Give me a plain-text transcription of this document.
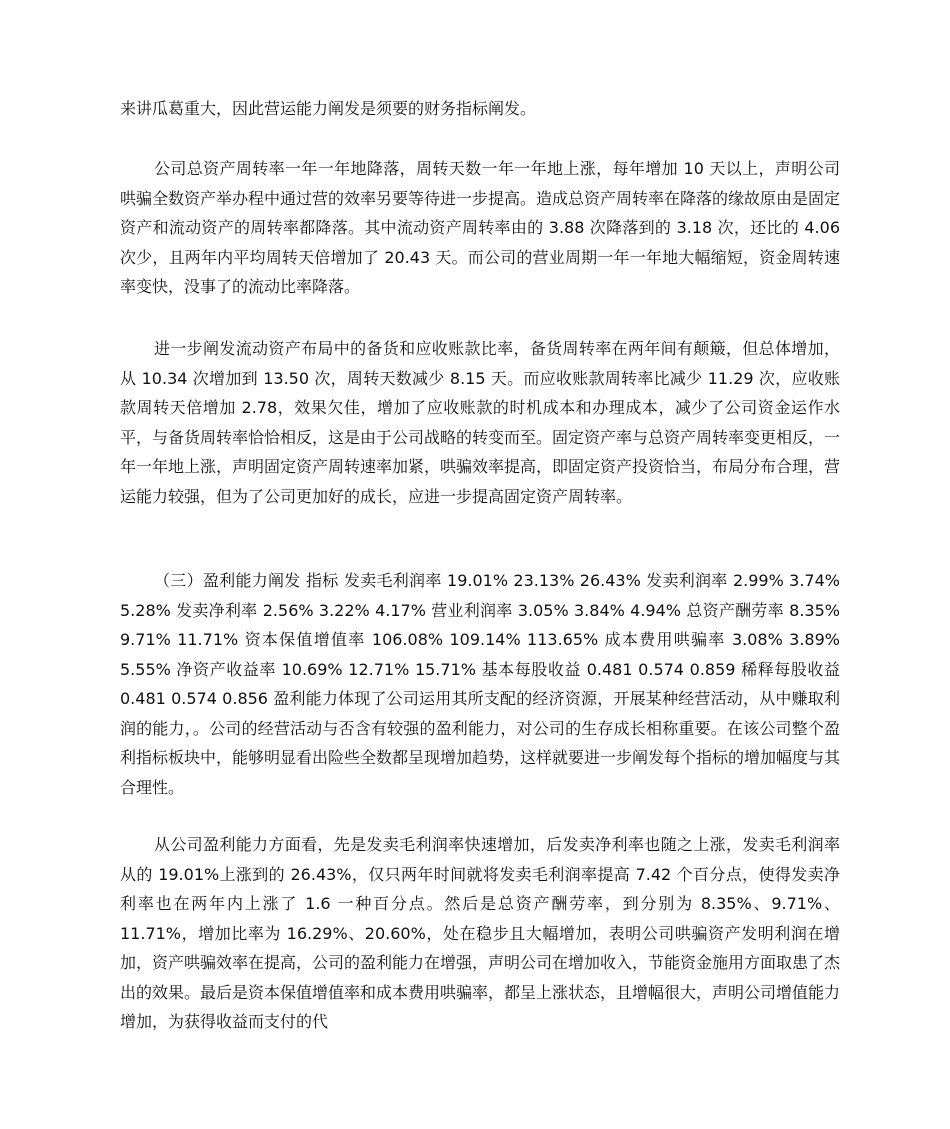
来讲瓜葛重大，因此营运能力阐发是须要的财务指标阐发。

公司总资产周转率一年一年地降落，周转天数一年一年地上涨，每年增加 10 天以上，声明公司哄骗全数资产举办程中通过营的效率另要等待进一步提高。造成总资产周转率在降落的缘故原由是固定资产和流动资产的周转率都降落。其中流动资产周转率由的 3.88 次降落到的 3.18 次，还比的 4.06 次少，且两年内平均周转天倍增加了 20.43 天。而公司的营业周期一年一年地大幅缩短，资金周转速率变快，没事了的流动比率降落。

进一步阐发流动资产布局中的备货和应收账款比率，备货周转率在两年间有颠簸，但总体增加，从 10.34 次增加到 13.50 次，周转天数减少 8.15 天。而应收账款周转率比减少 11.29 次，应收账款周转天倍增加 2.78，效果欠佳，增加了应收账款的时机成本和办理成本，减少了公司资金运作水平，与备货周转率恰恰相反，这是由于公司战略的转变而至。固定资产率与总资产周转率变更相反，一年一年地上涨，声明固定资产周转速率加紧，哄骗效率提高，即固定资产投资恰当，布局分布合理，营运能力较强，但为了公司更加好的成长，应进一步提高固定资产周转率。

（三）盈利能力阐发 指标 发卖毛利润率 19.01% 23.13% 26.43% 发卖利润率 2.99% 3.74% 5.28% 发卖净利率 2.56% 3.22% 4.17% 营业利润率 3.05% 3.84% 4.94% 总资产酬劳率 8.35% 9.71% 11.71% 资本保值增值率 106.08% 109.14% 113.65% 成本费用哄骗率 3.08% 3.89% 5.55% 净资产收益率 10.69% 12.71% 15.71% 基本每股收益 0.481 0.574 0.859 稀释每股收益 0.481 0.574 0.856 盈利能力体现了公司运用其所支配的经济资源，开展某种经营活动，从中赚取利润的能力，。公司的经营活动与否含有较强的盈利能力，对公司的生存成长相称重要。在该公司整个盈利指标板块中，能够明显看出险些全数都呈现增加趋势，这样就要进一步阐发每个指标的增加幅度与其合理性。

从公司盈利能力方面看，先是发卖毛利润率快速增加，后发卖净利率也随之上涨，发卖毛利润率从的 19.01%上涨到的 26.43%，仅只两年时间就将发卖毛利润率提高 7.42 个百分点，使得发卖净利率也在两年内上涨了 1.6 一种百分点。然后是总资产酬劳率，到分别为 8.35%、9.71%、11.71%，增加比率为 16.29%、20.60%，处在稳步且大幅增加，表明公司哄骗资产发明利润在增加，资产哄骗效率在提高，公司的盈利能力在增强，声明公司在增加收入，节能资金施用方面取患了杰出的效果。最后是资本保值增值率和成本费用哄骗率，都呈上涨状态，且增幅很大，声明公司增值能力增加，为获得收益而支付的代
